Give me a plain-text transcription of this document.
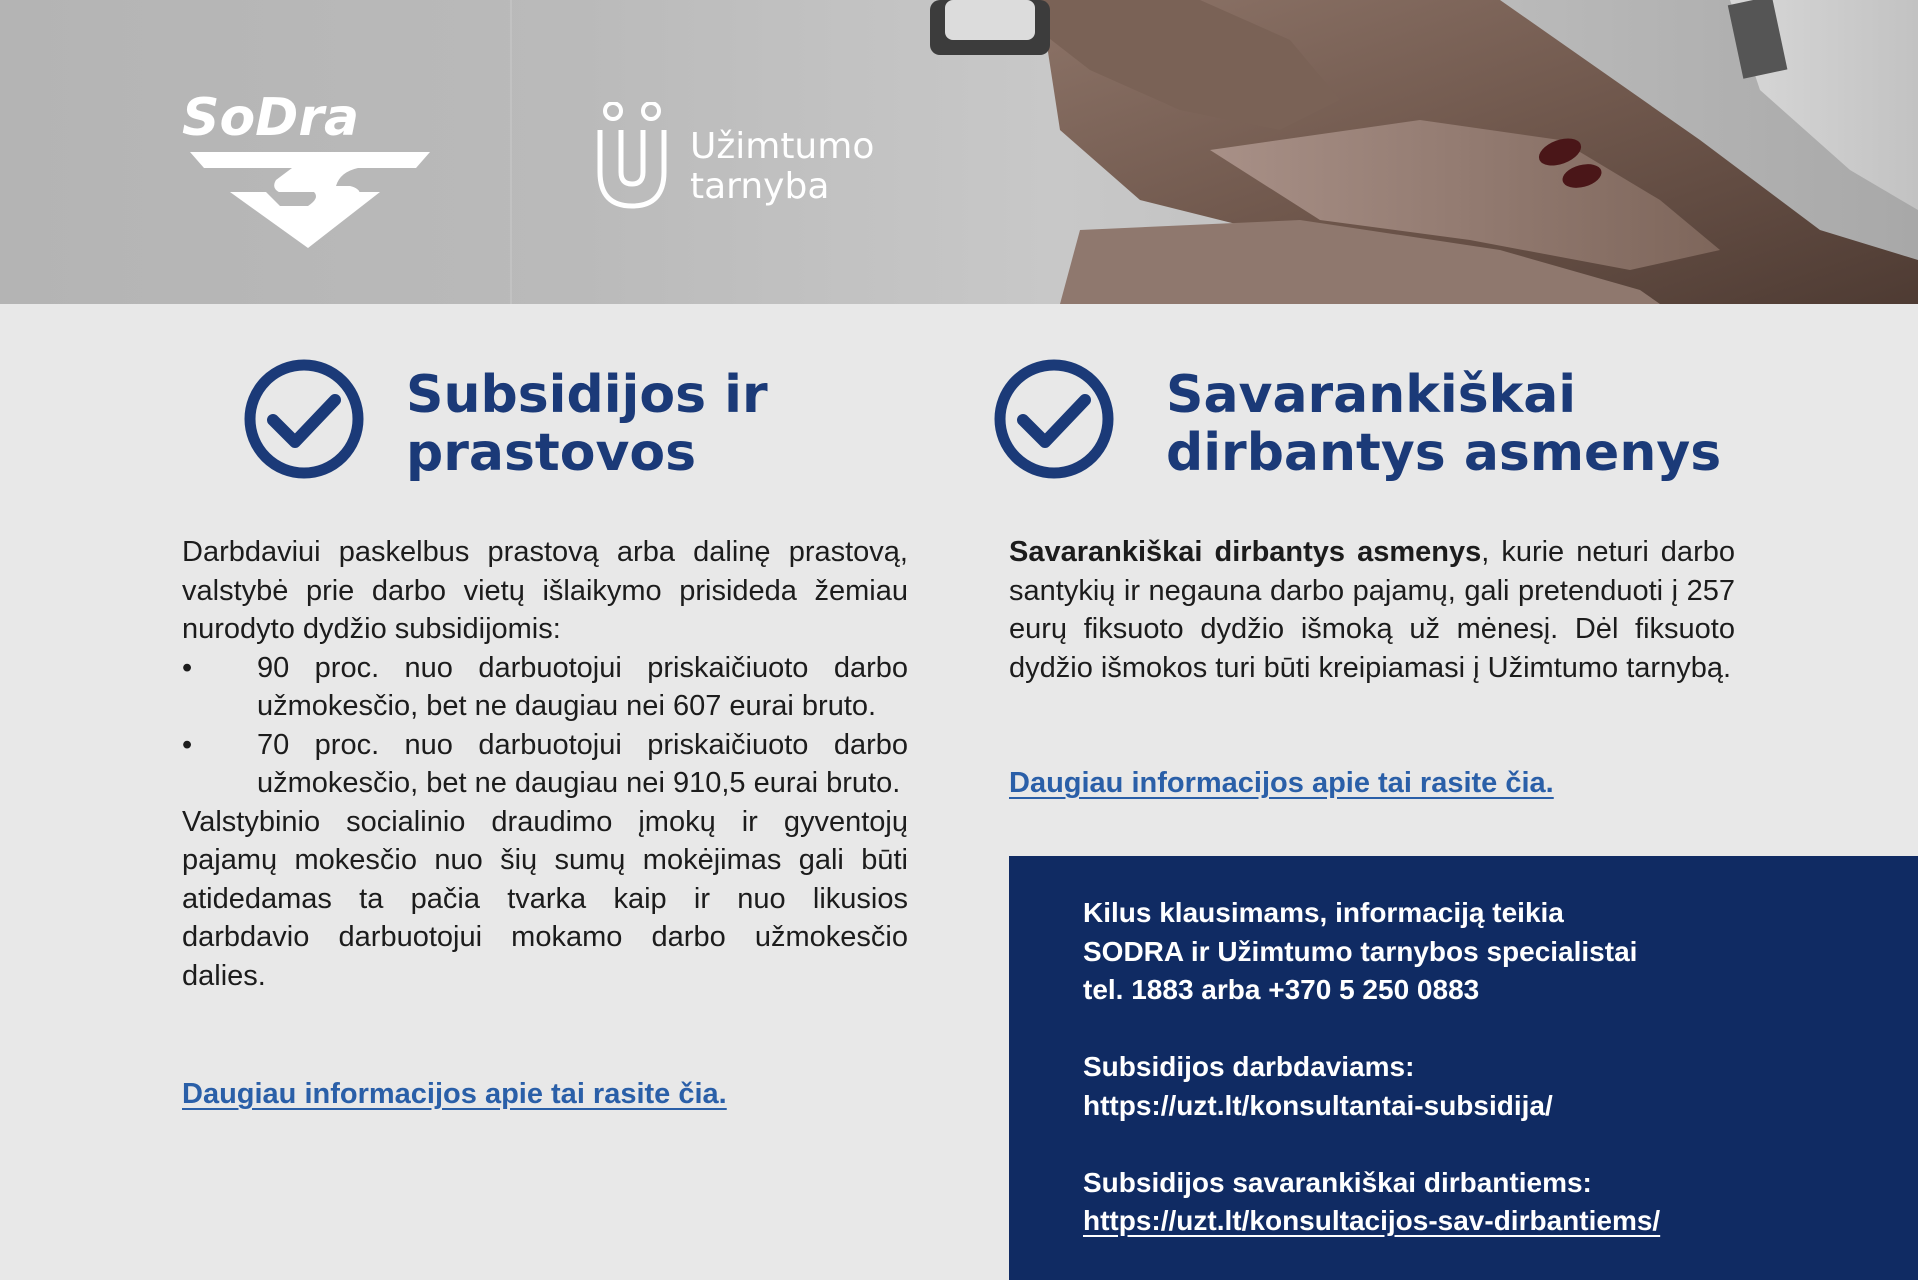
SoDra	Užimtumo
tarnyba
Subsidijos ir
prastovos

Darbdaviui paskelbus prastovą arba dalinę prastovą, valstybė prie darbo vietų išlaikymo prisideda žemiau nurodyto dydžio subsidijomis:

• 90 proc. nuo darbuotojui priskaičiuoto darbo užmokesčio, bet ne daugiau nei 607 eurai bruto.
• 70 proc. nuo darbuotojui priskaičiuoto darbo užmokesčio, bet ne daugiau nei 910,5 eurai bruto.

Valstybinio socialinio draudimo įmokų ir gyventojų pajamų mokesčio nuo šių sumų mokėjimas gali būti atidedamas ta pačia tvarka kaip ir nuo likusios darbdavio darbuotojui mokamo darbo užmokesčio dalies.

Daugiau informacijos apie tai rasite čia.
Savarankiškai
dirbantys asmenys

Savarankiškai dirbantys asmenys, kurie neturi darbo santykių ir negauna darbo pajamų, gali pretenduoti į 257 eurų fiksuoto dydžio išmoką už mėnesį. Dėl fiksuoto dydžio išmokos turi būti kreipiamasi į Užimtumo tarnybą.

Daugiau informacijos apie tai rasite čia.
Kilus klausimams, informaciją teikia
SODRA ir Užimtumo tarnybos specialistai
tel. 1883 arba +370 5 250 0883
Subsidijos darbdaviams:
https://uzt.lt/konsultantai-subsidija/
Subsidijos savarankiškai dirbantiems:
https://uzt.lt/konsultacijos-sav-dirbantiems/
